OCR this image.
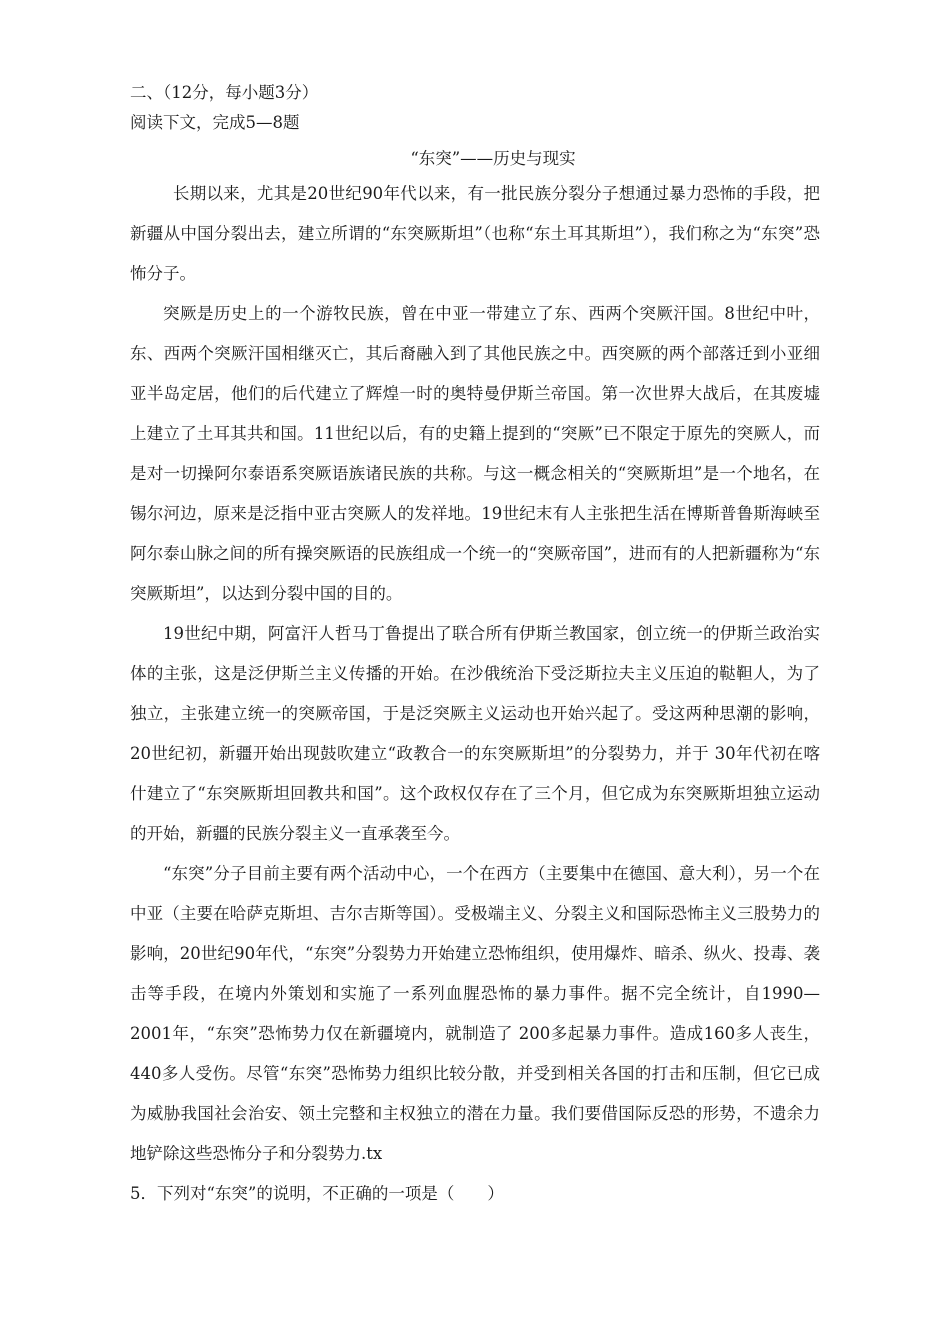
二、（12分，每小题3分）

阅读下文，完成5—8题

“东突”——历史与现实

长期以来，尤其是20世纪90年代以来，有一批民族分裂分子想通过暴力恐怖的手段，把新疆从中国分裂出去，建立所谓的“东突厥斯坦”（也称“东土耳其斯坦”），我们称之为“东突”恐怖分子。

突厥是历史上的一个游牧民族，曾在中亚一带建立了东、西两个突厥汗国。8世纪中叶，东、西两个突厥汗国相继灭亡，其后裔融入到了其他民族之中。西突厥的两个部落迁到小亚细亚半岛定居，他们的后代建立了辉煌一时的奥特曼伊斯兰帝国。第一次世界大战后，在其废墟上建立了土耳其共和国。11世纪以后，有的史籍上提到的“突厥”已不限定于原先的突厥人，而是对一切操阿尔泰语系突厥语族诸民族的共称。与这一概念相关的“突厥斯坦”是一个地名，在锡尔河边，原来是泛指中亚古突厥人的发祥地。19世纪末有人主张把生活在博斯普鲁斯海峡至阿尔泰山脉之间的所有操突厥语的民族组成一个统一的“突厥帝国”，进而有的人把新疆称为“东突厥斯坦”，以达到分裂中国的目的。

19世纪中期，阿富汗人哲马丁鲁提出了联合所有伊斯兰教国家，创立统一的伊斯兰政治实体的主张，这是泛伊斯兰主义传播的开始。在沙俄统治下受泛斯拉夫主义压迫的鞑靼人，为了独立，主张建立统一的突厥帝国，于是泛突厥主义运动也开始兴起了。受这两种思潮的影响，20世纪初，新疆开始出现鼓吹建立“政教合一的东突厥斯坦”的分裂势力，并于 30年代初在喀什建立了“东突厥斯坦回教共和国”。这个政权仅存在了三个月，但它成为东突厥斯坦独立运动的开始，新疆的民族分裂主义一直承袭至今。

“东突”分子目前主要有两个活动中心，一个在西方（主要集中在德国、意大利），另一个在中亚（主要在哈萨克斯坦、吉尔吉斯等国）。受极端主义、分裂主义和国际恐怖主义三股势力的影响，20世纪90年代，“东突”分裂势力开始建立恐怖组织，使用爆炸、暗杀、纵火、投毒、袭击等手段，在境内外策划和实施了一系列血腥恐怖的暴力事件。据不完全统计，自1990—2001年，“东突”恐怖势力仅在新疆境内，就制造了 200多起暴力事件。造成160多人丧生，440多人受伤。尽管“东突”恐怖势力组织比较分散，并受到相关各国的打击和压制，但它已成为威胁我国社会治安、领土完整和主权独立的潜在力量。我们要借国际反恐的形势，不遗余力地铲除这些恐怖分子和分裂势力.tx

5．下列对“东突”的说明，不正确的一项是（　　）
